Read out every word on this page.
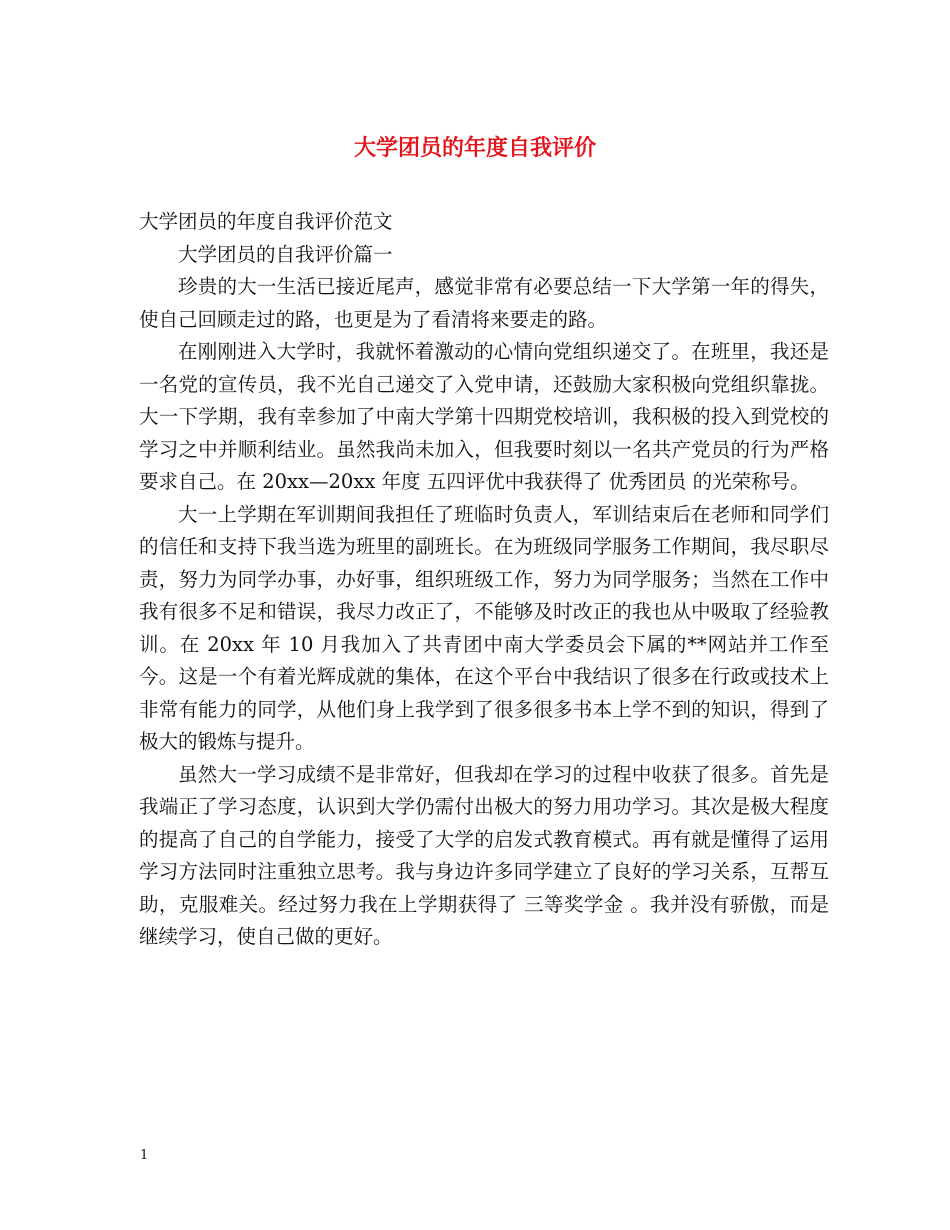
大学团员的年度自我评价

大学团员的年度自我评价范文

大学团员的自我评价篇一

珍贵的大一生活已接近尾声，感觉非常有必要总结一下大学第一年的得失，使自己回顾走过的路，也更是为了看清将来要走的路。

在刚刚进入大学时，我就怀着激动的心情向党组织递交了。在班里，我还是一名党的宣传员，我不光自己递交了入党申请，还鼓励大家积极向党组织靠拢。大一下学期，我有幸参加了中南大学第十四期党校培训，我积极的投入到党校的学习之中并顺利结业。虽然我尚未加入，但我要时刻以一名共产党员的行为严格要求自己。在 20xx—20xx 年度 五四评优中我获得了 优秀团员 的光荣称号。

大一上学期在军训期间我担任了班临时负责人，军训结束后在老师和同学们的信任和支持下我当选为班里的副班长。在为班级同学服务工作期间，我尽职尽责，努力为同学办事，办好事，组织班级工作，努力为同学服务；当然在工作中我有很多不足和错误，我尽力改正了，不能够及时改正的我也从中吸取了经验教训。在 20xx 年 10 月我加入了共青团中南大学委员会下属的**网站并工作至今。这是一个有着光辉成就的集体，在这个平台中我结识了很多在行政或技术上非常有能力的同学，从他们身上我学到了很多很多书本上学不到的知识，得到了极大的锻炼与提升。

虽然大一学习成绩不是非常好，但我却在学习的过程中收获了很多。首先是我端正了学习态度，认识到大学仍需付出极大的努力用功学习。其次是极大程度的提高了自己的自学能力，接受了大学的启发式教育模式。再有就是懂得了运用学习方法同时注重独立思考。我与身边许多同学建立了良好的学习关系，互帮互助，克服难关。经过努力我在上学期获得了 三等奖学金 。我并没有骄傲，而是继续学习，使自己做的更好。

1
